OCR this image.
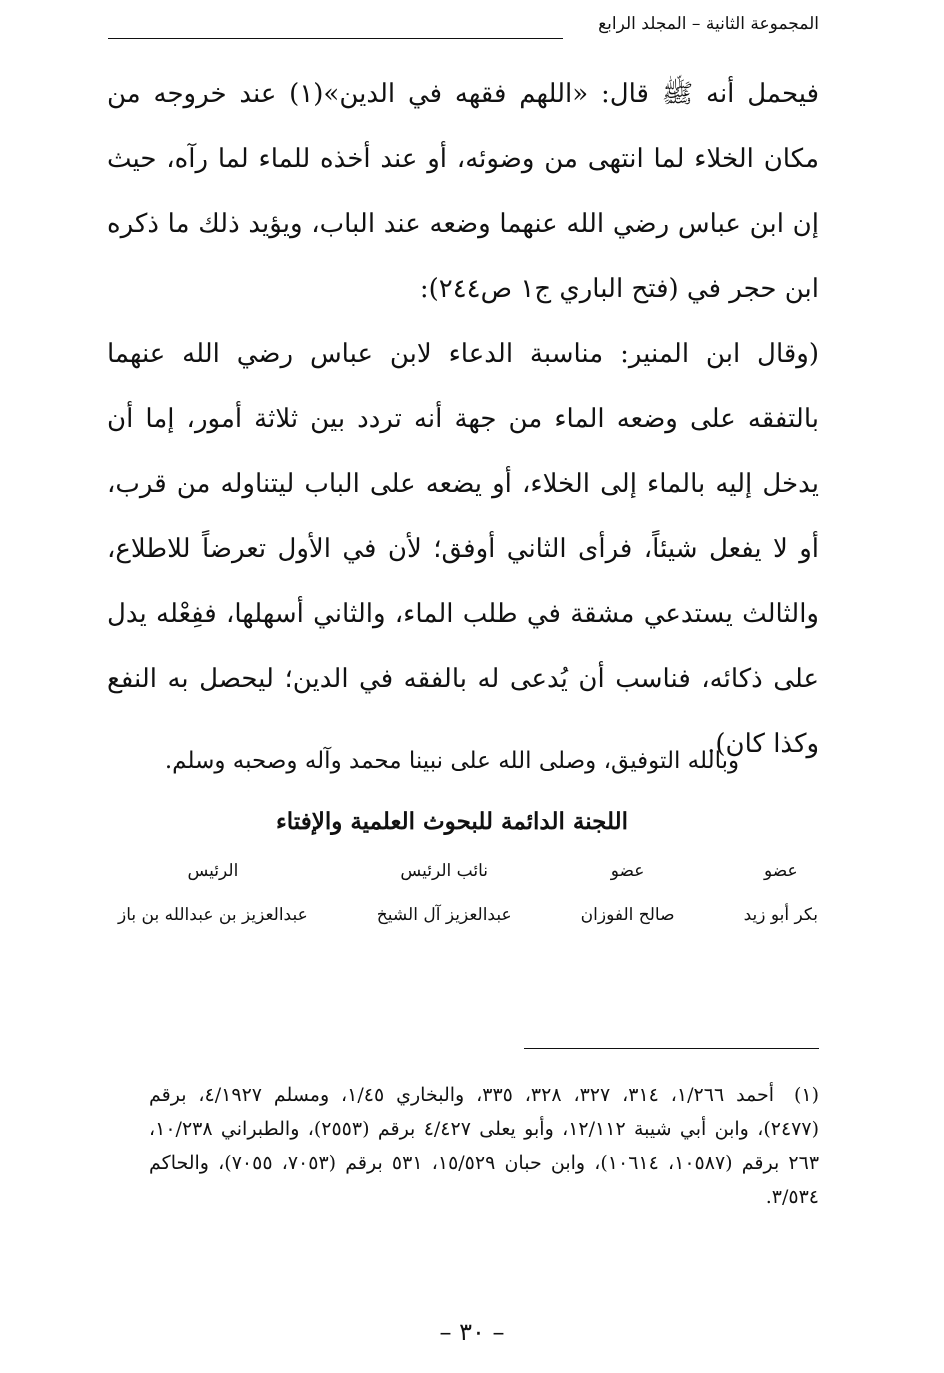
المجموعة الثانية – المجلد الرابع

فيحمل أنه ﷺ قال: «اللهم فقهه في الدين»(١) عند خروجه من مكان الخلاء لما انتهى من وضوئه، أو عند أخذه للماء لما رآه، حيث إن ابن عباس رضي الله عنهما وضعه عند الباب، ويؤيد ذلك ما ذكره ابن حجر في (فتح الباري ج١ ص٢٤٤):

(وقال ابن المنير: مناسبة الدعاء لابن عباس رضي الله عنهما بالتفقه على وضعه الماء من جهة أنه تردد بين ثلاثة أمور، إما أن يدخل إليه بالماء إلى الخلاء، أو يضعه على الباب ليتناوله من قرب، أو لا يفعل شيئاً، فرأى الثاني أوفق؛ لأن في الأول تعرضاً للاطلاع، والثالث يستدعي مشقة في طلب الماء، والثاني أسهلها، ففِعْله يدل على ذكائه، فناسب أن يُدعى له بالفقه في الدين؛ ليحصل به النفع وكذا كان).

وبالله التوفيق، وصلى الله على نبينا محمد وآله وصحبه وسلم.
اللجنة الدائمة للبحوث العلمية والإفتاء
عضو
بكر أبو زيد
عضو
صالح الفوزان
نائب الرئيس
عبدالعزيز آل الشيخ
الرئيس
عبدالعزيز بن عبدالله بن باز
(١) أحمد ١/٢٦٦، ٣١٤، ٣٢٧، ٣٢٨، ٣٣٥، والبخاري ١/٤٥، ومسلم ٤/١٩٢٧، برقم (٢٤٧٧)، وابن أبي شيبة ١٢/١١٢، وأبو يعلى ٤/٤٢٧ برقم (٢٥٥٣)، والطبراني ١٠/٢٣٨، ٢٦٣ برقم (١٠٥٨٧، ١٠٦١٤)، وابن حبان ١٥/٥٢٩، ٥٣١ برقم (٧٠٥٣، ٧٠٥٥)، والحاكم ٣/٥٣٤.
– ٣٠ –
